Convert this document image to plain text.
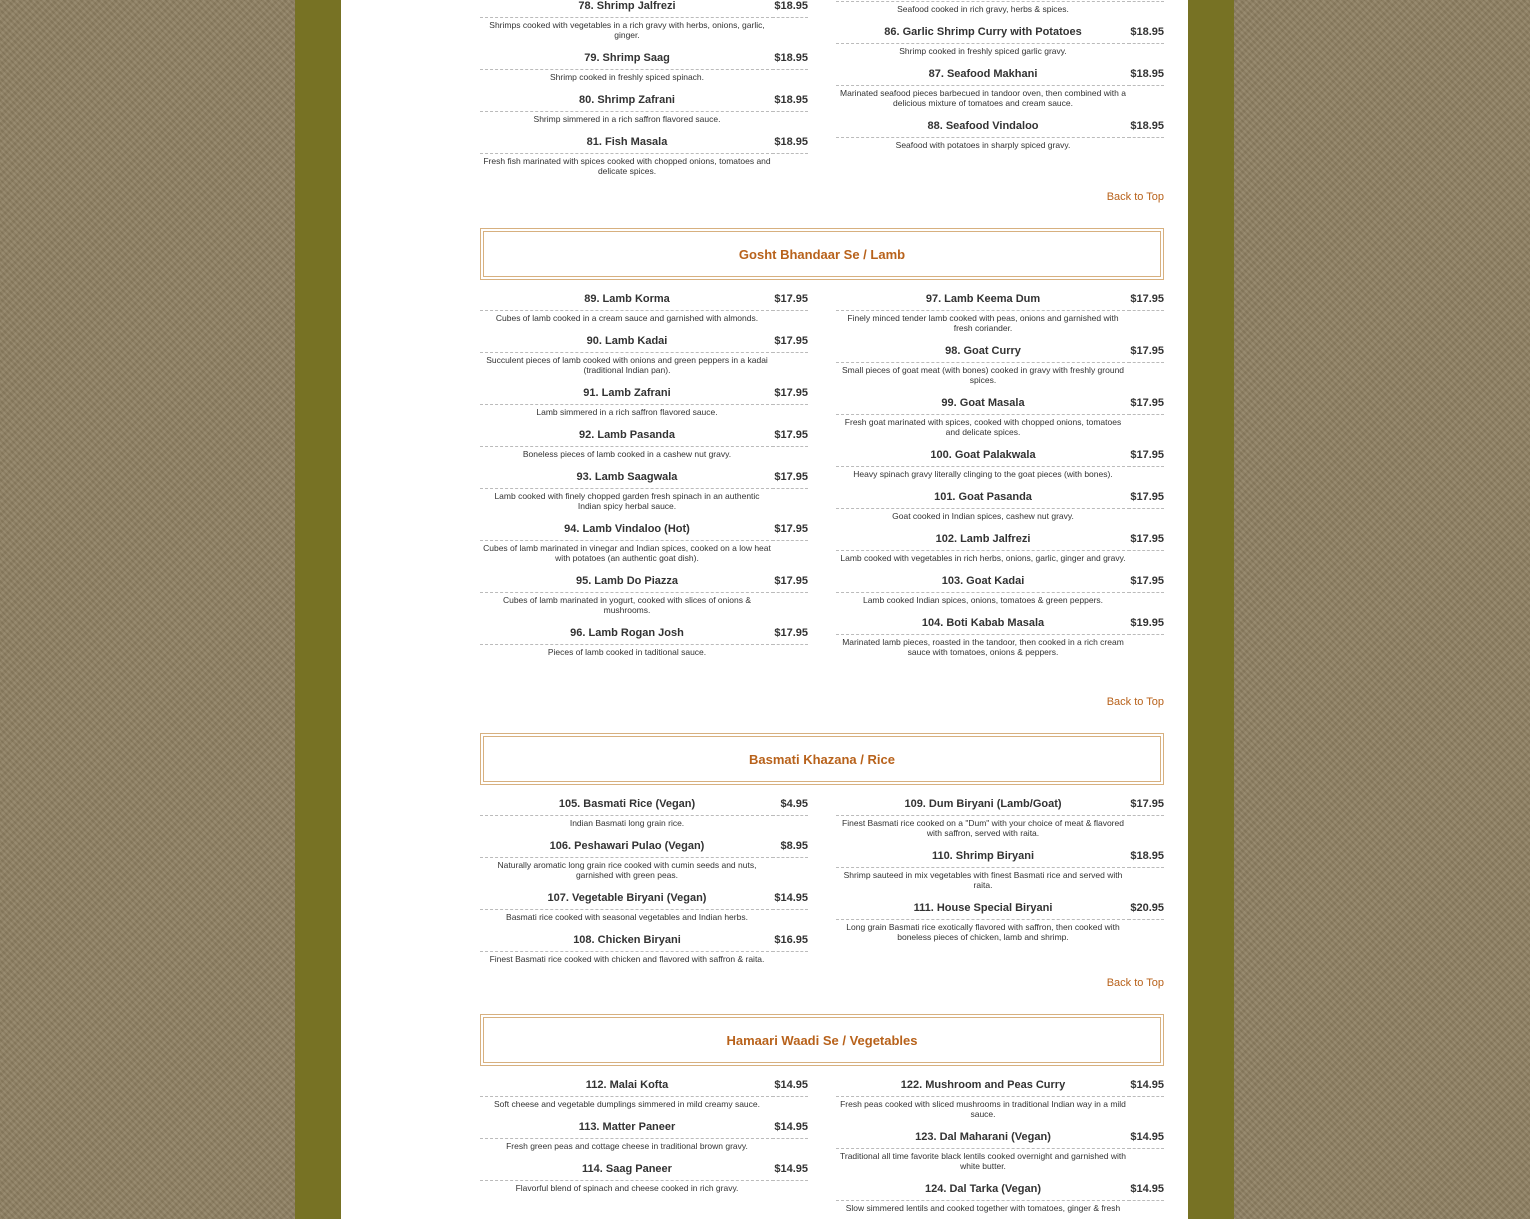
78. Shrimp Jalfrezi	$18.95
Shrimps cooked with vegetables in a rich gravy with herbs, onions, garlic, ginger.
79. Shrimp Saag	$18.95
Shrimp cooked in freshly spiced spinach.
80. Shrimp Zafrani	$18.95
Shrimp simmered in a rich saffron flavored sauce.
81. Fish Masala	$18.95
Fresh fish marinated with spices cooked with chopped onions, tomatoes and delicate spices.
Seafood cooked in rich gravy, herbs & spices.
86. Garlic Shrimp Curry with Potatoes	$18.95
Shrimp cooked in freshly spiced garlic gravy.
87. Seafood Makhani	$18.95
Marinated seafood pieces barbecued in tandoor oven, then combined with a delicious mixture of tomatoes and cream sauce.
88. Seafood Vindaloo	$18.95
Seafood with potatoes in sharply spiced gravy.
Back to Top
Gosht Bhandaar Se / Lamb
89. Lamb Korma	$17.95
Cubes of lamb cooked in a cream sauce and garnished with almonds.
90. Lamb Kadai	$17.95
Succulent pieces of lamb cooked with onions and green peppers in a kadai (traditional Indian pan).
91. Lamb Zafrani	$17.95
Lamb simmered in a rich saffron flavored sauce.
92. Lamb Pasanda	$17.95
Boneless pieces of lamb cooked in a cashew nut gravy.
93. Lamb Saagwala	$17.95
Lamb cooked with finely chopped garden fresh spinach in an authentic Indian spicy herbal sauce.
94. Lamb Vindaloo (Hot)	$17.95
Cubes of lamb marinated in vinegar and Indian spices, cooked on a low heat with potatoes (an authentic goat dish).
95. Lamb Do Piazza	$17.95
Cubes of lamb marinated in yogurt, cooked with slices of onions & mushrooms.
96. Lamb Rogan Josh	$17.95
Pieces of lamb cooked in taditional sauce.
97. Lamb Keema Dum	$17.95
Finely minced tender lamb cooked with peas, onions and garnished with fresh coriander.
98. Goat Curry	$17.95
Small pieces of goat meat (with bones) cooked in gravy with freshly ground spices.
99. Goat Masala	$17.95
Fresh goat marinated with spices, cooked with chopped onions, tomatoes and delicate spices.
100. Goat Palakwala	$17.95
Heavy spinach gravy literally clinging to the goat pieces (with bones).
101. Goat Pasanda	$17.95
Goat cooked in Indian spices, cashew nut gravy.
102. Lamb Jalfrezi	$17.95
Lamb cooked with vegetables in rich herbs, onions, garlic, ginger and gravy.
103. Goat Kadai	$17.95
Lamb cooked Indian spices, onions, tomatoes & green peppers.
104. Boti Kabab Masala	$19.95
Marinated lamb pieces, roasted in the tandoor, then cooked in a rich cream sauce with tomatoes, onions & peppers.
Back to Top
Basmati Khazana / Rice
105. Basmati Rice (Vegan)	$4.95
Indian Basmati long grain rice.
106. Peshawari Pulao (Vegan)	$8.95
Naturally aromatic long grain rice cooked with cumin seeds and nuts, garnished with green peas.
107. Vegetable Biryani (Vegan)	$14.95
Basmati rice cooked with seasonal vegetables and Indian herbs.
108. Chicken Biryani	$16.95
Finest Basmati rice cooked with chicken and flavored with saffron & raita.
109. Dum Biryani (Lamb/Goat)	$17.95
Finest Basmati rice cooked on a "Dum" with your choice of meat & flavored with saffron, served with raita.
110. Shrimp Biryani	$18.95
Shrimp sauteed in mix vegetables with finest Basmati rice and served with raita.
111. House Special Biryani	$20.95
Long grain Basmati rice exotically flavored with saffron, then cooked with boneless pieces of chicken, lamb and shrimp.
Back to Top
Hamaari Waadi Se / Vegetables
112. Malai Kofta	$14.95
Soft cheese and vegetable dumplings simmered in mild creamy sauce.
113. Matter Paneer	$14.95
Fresh green peas and cottage cheese in traditional brown gravy.
114. Saag Paneer	$14.95
Flavorful blend of spinach and cheese cooked in rich gravy.
122. Mushroom and Peas Curry	$14.95
Fresh peas cooked with sliced mushrooms in traditional Indian way in a mild sauce.
123. Dal Maharani (Vegan)	$14.95
Traditional all time favorite black lentils cooked overnight and garnished with white butter.
124. Dal Tarka (Vegan)	$14.95
Slow simmered lentils and cooked together with tomatoes, ginger & fresh
